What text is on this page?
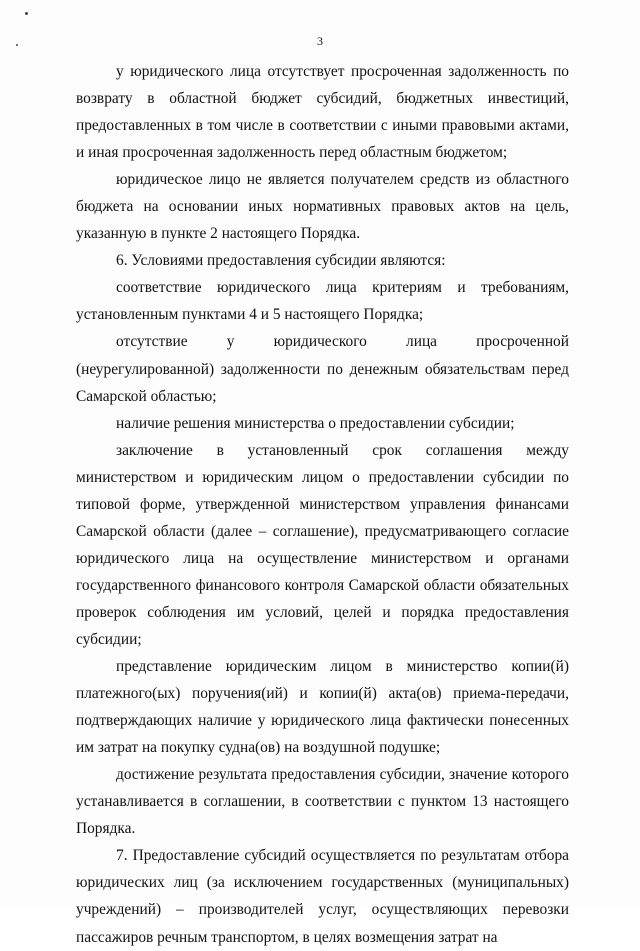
3

у юридического лица отсутствует просроченная задолженность по возврату в областной бюджет субсидий, бюджетных инвестиций, предоставленных в том числе в соответствии с иными правовыми актами, и иная просроченная задолженность перед областным бюджетом;

юридическое лицо не является получателем средств из областного бюджета на основании иных нормативных правовых актов на цель, указанную в пункте 2 настоящего Порядка.

6. Условиями предоставления субсидии являются:

соответствие юридического лица критериям и требованиям, установленным пунктами 4 и 5 настоящего Порядка;

отсутствие у юридического лица просроченной (неурегулированной) задолженности по денежным обязательствам перед Самарской областью;

наличие решения министерства о предоставлении субсидии;

заключение в установленный срок соглашения между министерством и юридическим лицом о предоставлении субсидии по типовой форме, утвержденной министерством управления финансами Самарской области (далее – соглашение), предусматривающего согласие юридического лица на осуществление министерством и органами государственного финансового контроля Самарской области обязательных проверок соблюдения им условий, целей и порядка предоставления субсидии;

представление юридическим лицом в министерство копии(й) платежного(ых) поручения(ий) и копии(й) акта(ов) приема-передачи, подтверждающих наличие у юридического лица фактически понесенных им затрат на покупку судна(ов) на воздушной подушке;

достижение результата предоставления субсидии, значение которого устанавливается в соглашении, в соответствии с пунктом 13 настоящего Порядка.

7. Предоставление субсидий осуществляется по результатам отбора юридических лиц (за исключением государственных (муниципальных) учреждений) – производителей услуг, осуществляющих перевозки пассажиров речным транспортом, в целях возмещения затрат на
